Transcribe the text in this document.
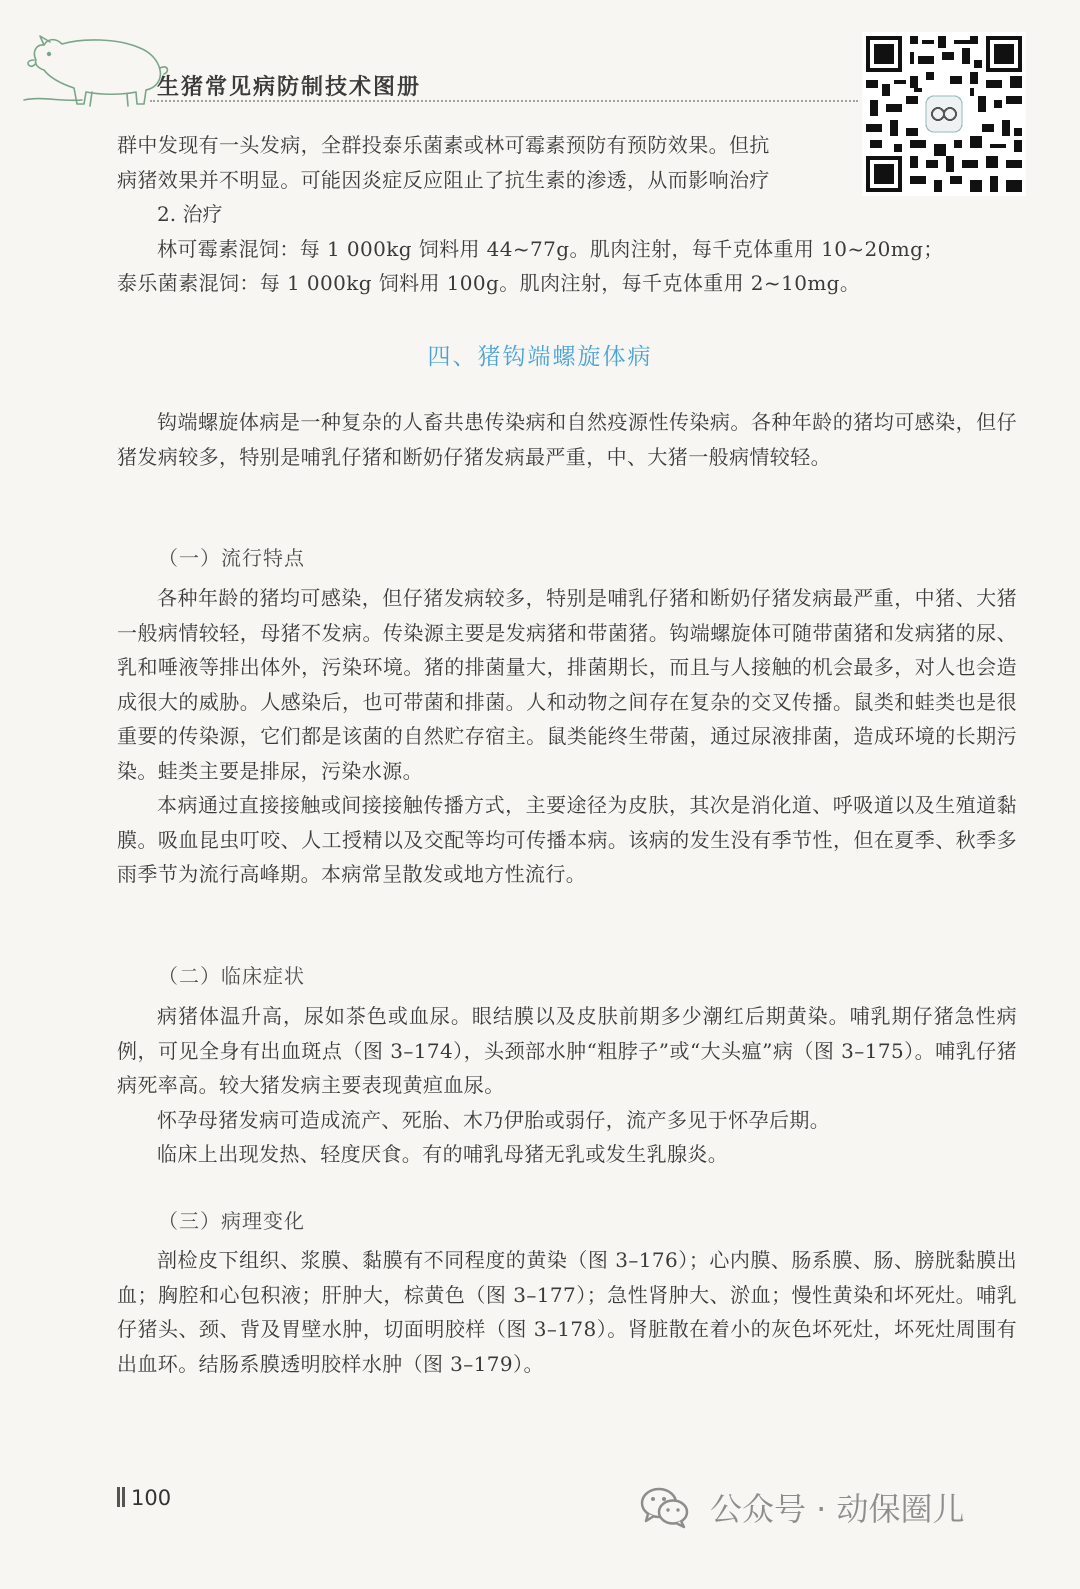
生猪常见病防制技术图册

群中发现有一头发病，全群投泰乐菌素或林可霉素预防有预防效果。但抗

病猪效果并不明显。可能因炎症反应阻止了抗生素的渗透，从而影响治疗

2. 治疗

林可霉素混饲：每 1 000kg 饲料用 44~77g。肌肉注射，每千克体重用 10~20mg；

泰乐菌素混饲：每 1 000kg 饲料用 100g。肌肉注射，每千克体重用 2~10mg。

四、猪钩端螺旋体病

钩端螺旋体病是一种复杂的人畜共患传染病和自然疫源性传染病。各种年龄的猪均可感染，但仔猪发病较多，特别是哺乳仔猪和断奶仔猪发病最严重，中、大猪一般病情较轻。

（一）流行特点

各种年龄的猪均可感染，但仔猪发病较多，特别是哺乳仔猪和断奶仔猪发病最严重，中猪、大猪一般病情较轻，母猪不发病。传染源主要是发病猪和带菌猪。钩端螺旋体可随带菌猪和发病猪的尿、乳和唾液等排出体外，污染环境。猪的排菌量大，排菌期长，而且与人接触的机会最多，对人也会造成很大的威胁。人感染后，也可带菌和排菌。人和动物之间存在复杂的交叉传播。鼠类和蛙类也是很重要的传染源，它们都是该菌的自然贮存宿主。鼠类能终生带菌，通过尿液排菌，造成环境的长期污染。蛙类主要是排尿，污染水源。

本病通过直接接触或间接接触传播方式，主要途径为皮肤，其次是消化道、呼吸道以及生殖道黏膜。吸血昆虫叮咬、人工授精以及交配等均可传播本病。该病的发生没有季节性，但在夏季、秋季多雨季节为流行高峰期。本病常呈散发或地方性流行。

（二）临床症状

病猪体温升高，尿如茶色或血尿。眼结膜以及皮肤前期多少潮红后期黄染。哺乳期仔猪急性病例，可见全身有出血斑点（图 3–174），头颈部水肿“粗脖子”或“大头瘟”病（图 3–175）。哺乳仔猪病死率高。较大猪发病主要表现黄疸血尿。

怀孕母猪发病可造成流产、死胎、木乃伊胎或弱仔，流产多见于怀孕后期。

临床上出现发热、轻度厌食。有的哺乳母猪无乳或发生乳腺炎。

（三）病理变化

剖检皮下组织、浆膜、黏膜有不同程度的黄染（图 3–176）；心内膜、肠系膜、肠、膀胱黏膜出血；胸腔和心包积液；肝肿大，棕黄色（图 3–177）；急性肾肿大、淤血；慢性黄染和坏死灶。哺乳仔猪头、颈、背及胃壁水肿，切面明胶样（图 3–178）。肾脏散在着小的灰色坏死灶，坏死灶周围有出血环。结肠系膜透明胶样水肿（图 3–179）。

100	公众号 · 动保圈儿
